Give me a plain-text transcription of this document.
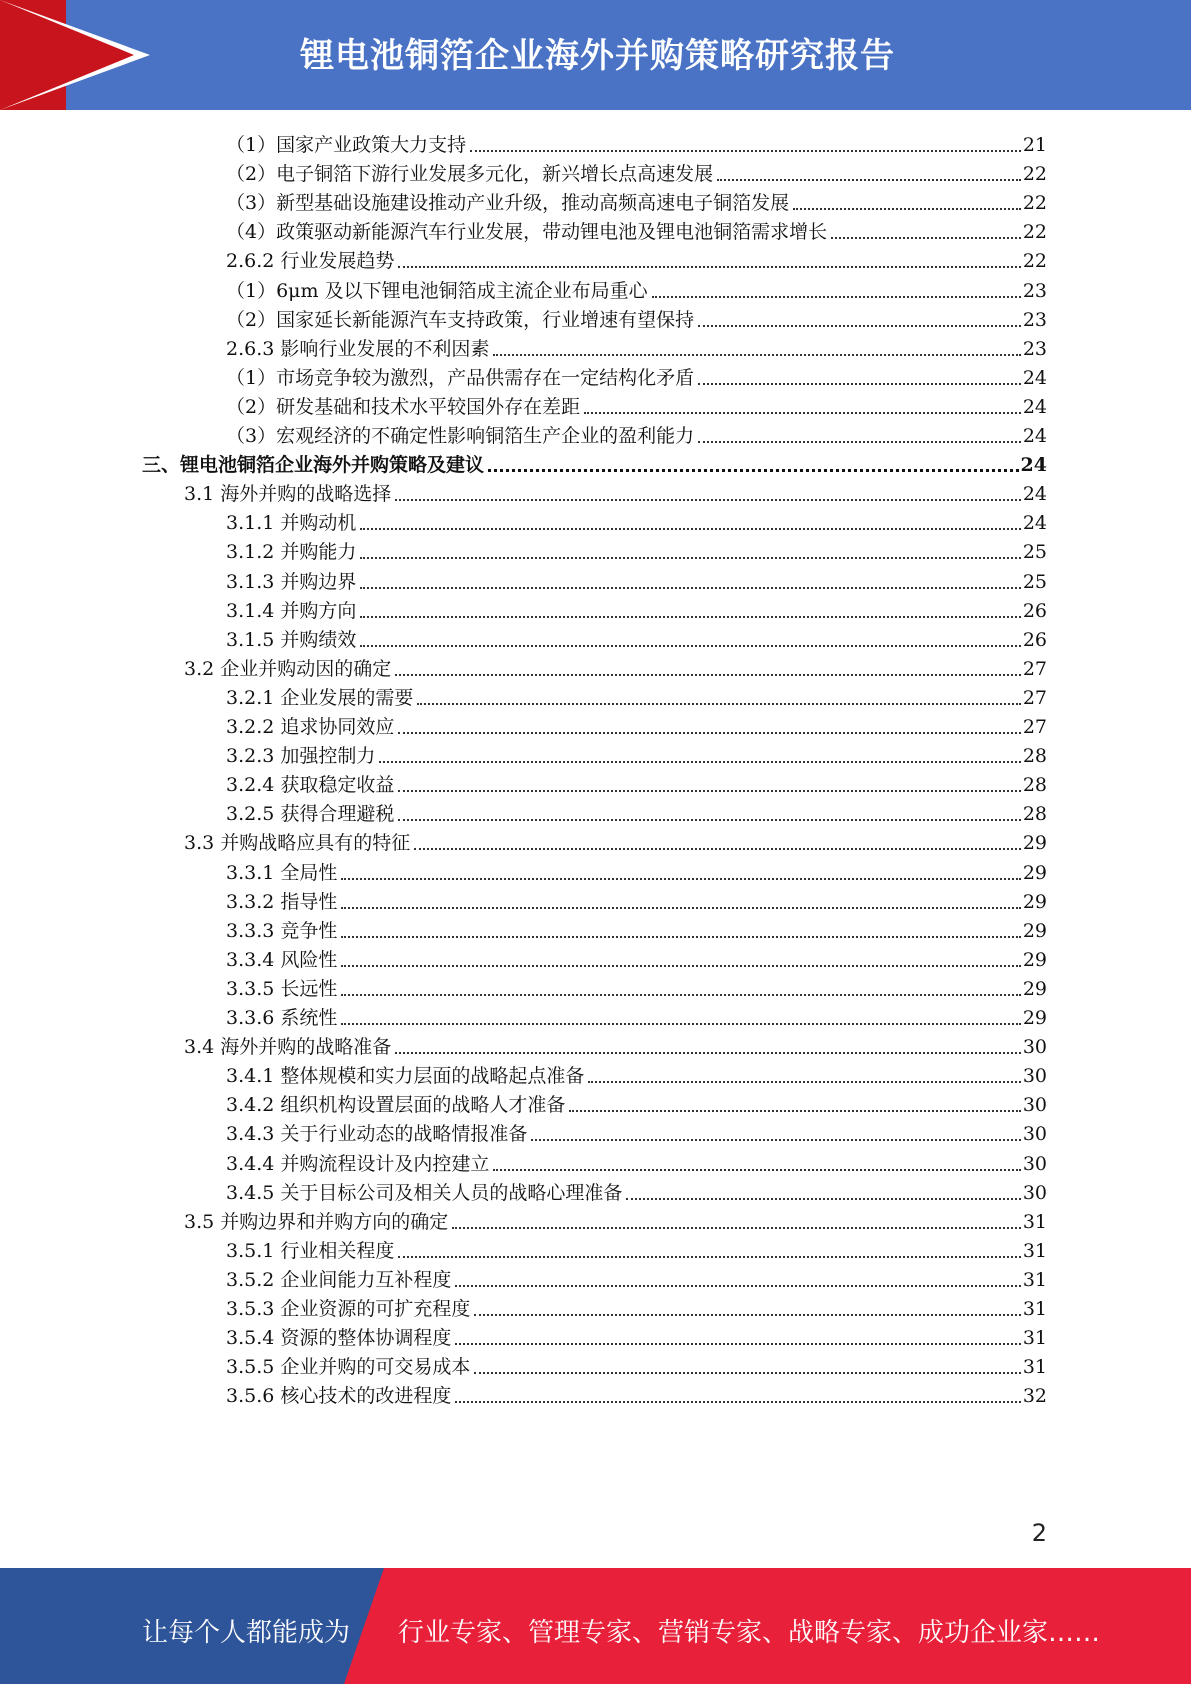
锂电池铜箔企业海外并购策略研究报告
（1）国家产业政策大力支持	21
（2）电子铜箔下游行业发展多元化，新兴增长点高速发展	22
（3）新型基础设施建设推动产业升级，推动高频高速电子铜箔发展	22
（4）政策驱动新能源汽车行业发展，带动锂电池及锂电池铜箔需求增长	22
2.6.2 行业发展趋势	22
（1）6μm 及以下锂电池铜箔成主流企业布局重心	23
（2）国家延长新能源汽车支持政策，行业增速有望保持	23
2.6.3 影响行业发展的不利因素	23
（1）市场竞争较为激烈，产品供需存在一定结构化矛盾	24
（2）研发基础和技术水平较国外存在差距	24
（3）宏观经济的不确定性影响铜箔生产企业的盈利能力	24
三、锂电池铜箔企业海外并购策略及建议	24
3.1 海外并购的战略选择	24
3.1.1 并购动机	24
3.1.2 并购能力	25
3.1.3 并购边界	25
3.1.4 并购方向	26
3.1.5 并购绩效	26
3.2 企业并购动因的确定	27
3.2.1 企业发展的需要	27
3.2.2 追求协同效应	27
3.2.3 加强控制力	28
3.2.4 获取稳定收益	28
3.2.5 获得合理避税	28
3.3 并购战略应具有的特征	29
3.3.1 全局性	29
3.3.2 指导性	29
3.3.3 竞争性	29
3.3.4 风险性	29
3.3.5 长远性	29
3.3.6 系统性	29
3.4 海外并购的战略准备	30
3.4.1 整体规模和实力层面的战略起点准备	30
3.4.2 组织机构设置层面的战略人才准备	30
3.4.3 关于行业动态的战略情报准备	30
3.4.4 并购流程设计及内控建立	30
3.4.5 关于目标公司及相关人员的战略心理准备	30
3.5 并购边界和并购方向的确定	31
3.5.1 行业相关程度	31
3.5.2 企业间能力互补程度	31
3.5.3 企业资源的可扩充程度	31
3.5.4 资源的整体协调程度	31
3.5.5 企业并购的可交易成本	31
3.5.6 核心技术的改进程度	32
2
让每个人都能成为 行业专家、管理专家、营销专家、战略专家、成功企业家……
